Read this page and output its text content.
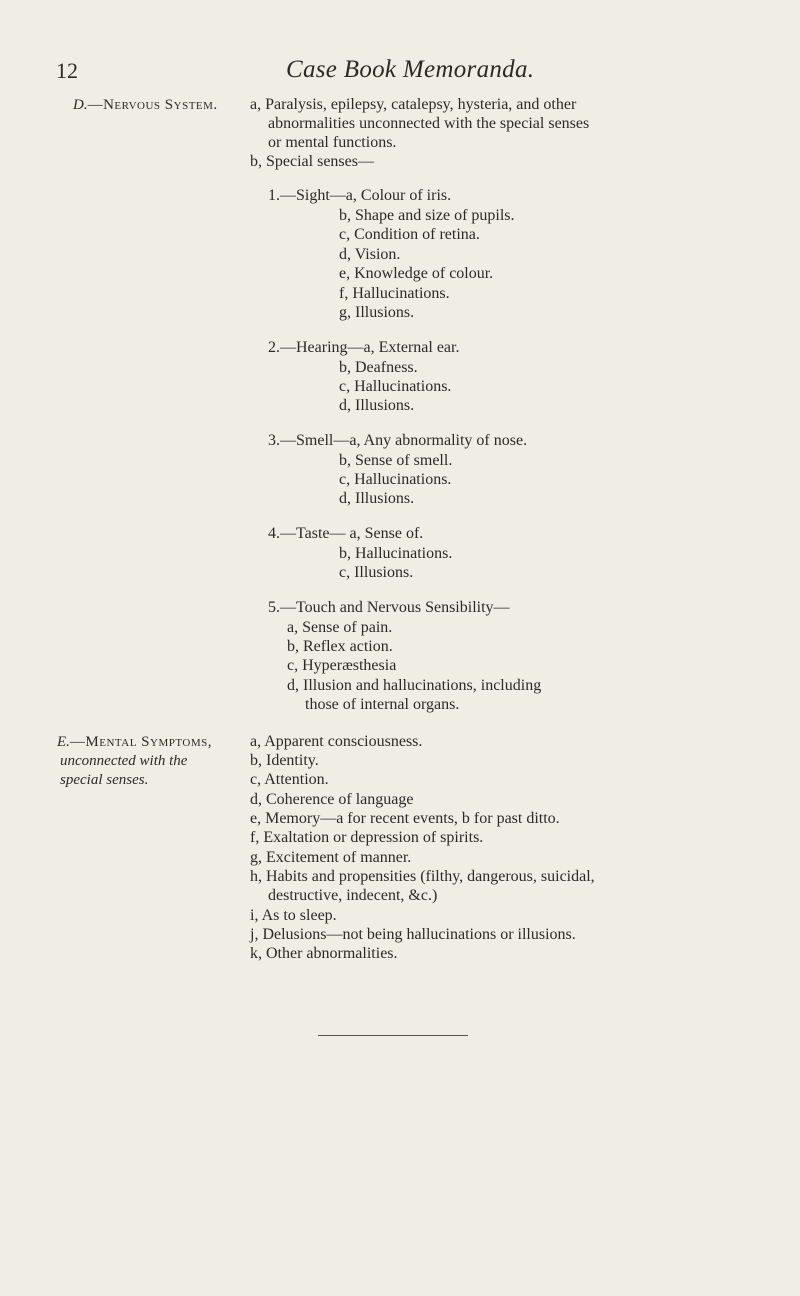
12	Case Book Memoranda.
D.—Nervous System. a, Paralysis, epilepsy, catalepsy, hysteria, and other
abnormalities unconnected with the special senses
or mental functions.
b, Special senses—
1.—Sight—a, Colour of iris.
b, Shape and size of pupils.
c, Condition of retina.
d, Vision.
e, Knowledge of colour.
f, Hallucinations.
g, Illusions.
2.—Hearing—a, External ear.
b, Deafness.
c, Hallucinations.
d, Illusions.
3.—Smell—a, Any abnormality of nose.
b, Sense of smell.
c, Hallucinations.
d, Illusions.
4.—Taste— a, Sense of.
b, Hallucinations.
c, Illusions.
5.—Touch and Nervous Sensibility—
a, Sense of pain.
b, Reflex action.
c, Hyperæsthesia
d, Illusion and hallucinations, including
those of internal organs.
E.—Mental Symptoms,
unconnected with the
special senses.
a, Apparent consciousness.
b, Identity.
c, Attention.
d, Coherence of language
e, Memory—a for recent events, b for past ditto.
f, Exaltation or depression of spirits.
g, Excitement of manner.
h, Habits and propensities (filthy, dangerous, suicidal,
destructive, indecent, &c.)
i, As to sleep.
j, Delusions—not being hallucinations or illusions.
k, Other abnormalities.
